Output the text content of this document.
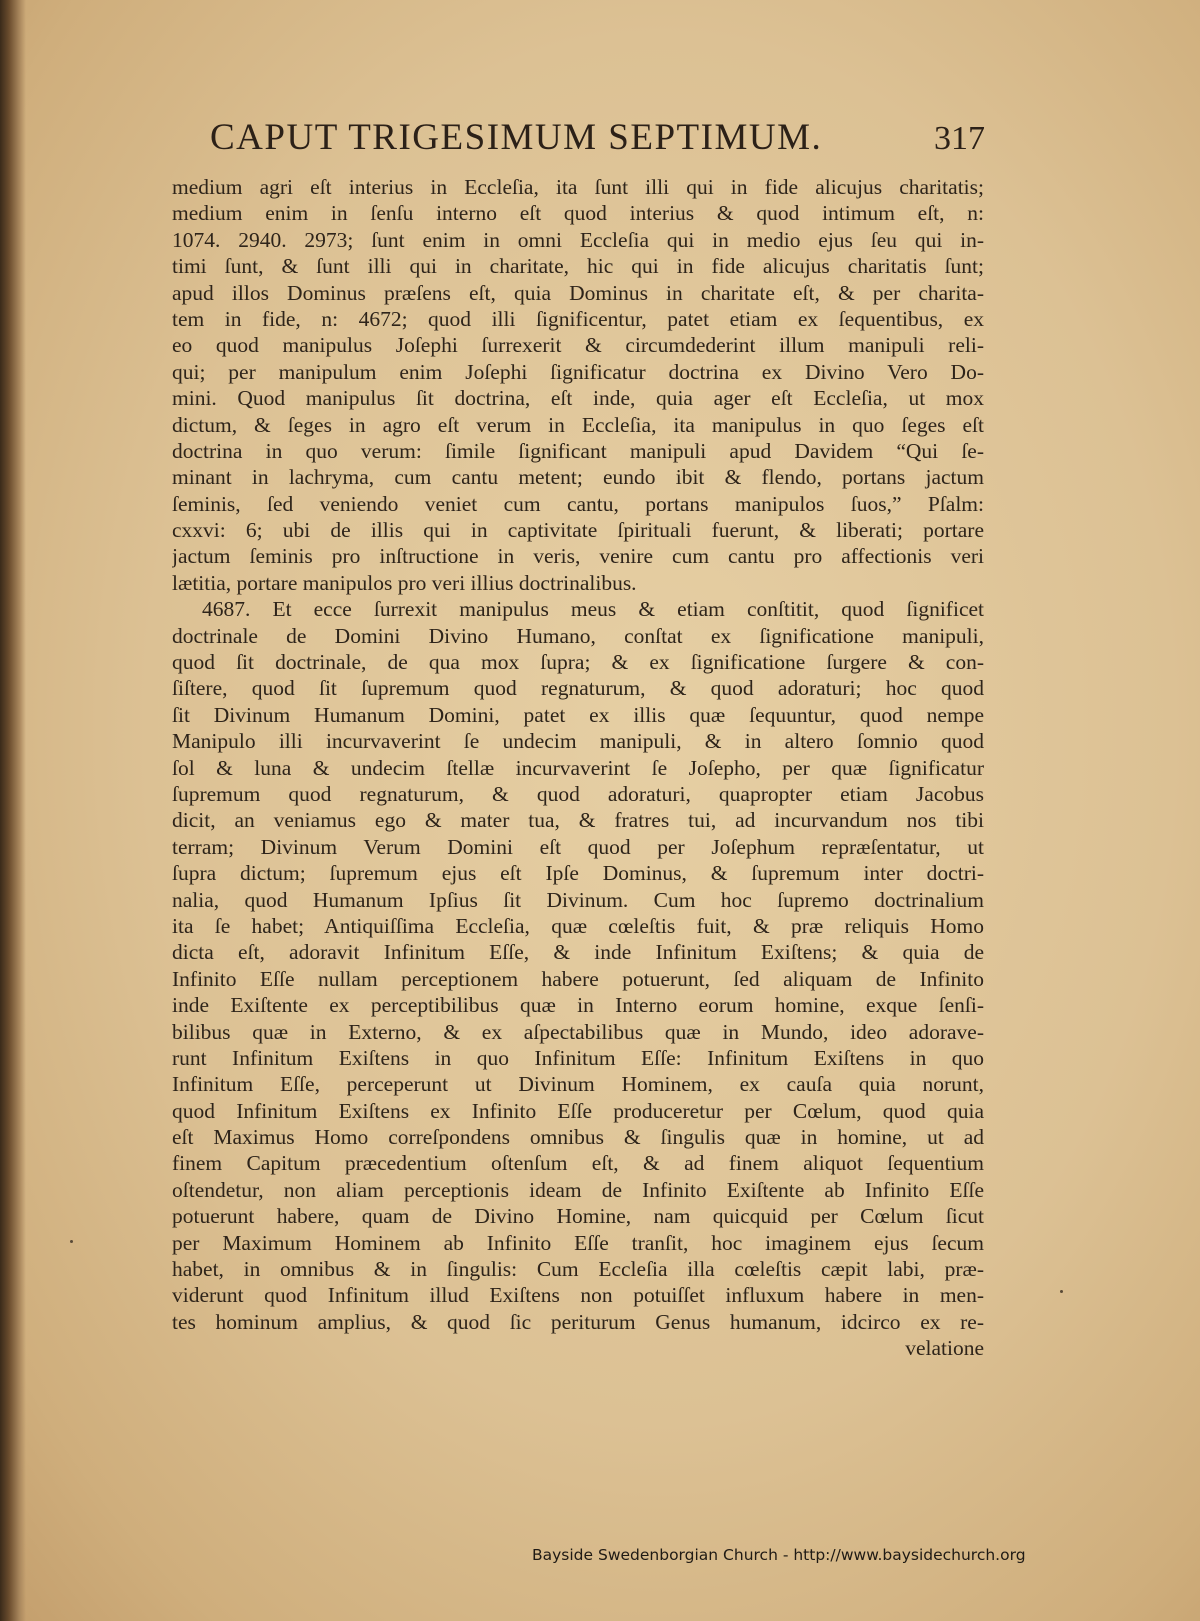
CAPUT TRIGESIMUM SEPTIMUM.	317
medium agri eſt interius in Eccleſia, ita ſunt illi qui in fide alicujus charitatis;
medium enim in ſenſu interno eſt quod interius & quod intimum eſt, n:
1074. 2940. 2973; ſunt enim in omni Eccleſia qui in medio ejus ſeu qui in-
timi ſunt, & ſunt illi qui in charitate, hic qui in fide alicujus charitatis ſunt;
apud illos Dominus præſens eſt, quia Dominus in charitate eſt, & per charita-
tem in fide, n: 4672; quod illi ſignificentur, patet etiam ex ſequentibus, ex
eo quod manipulus Joſephi ſurrexerit & circumdederint illum manipuli reli-
qui; per manipulum enim Joſephi ſignificatur doctrina ex Divino Vero Do-
mini. Quod manipulus ſit doctrina, eſt inde, quia ager eſt Eccleſia, ut mox
dictum, & ſeges in agro eſt verum in Eccleſia, ita manipulus in quo ſeges eſt
doctrina in quo verum: ſimile ſignificant manipuli apud Davidem “Qui ſe-
minant in lachryma, cum cantu metent; eundo ibit & flendo, portans jactum
ſeminis, ſed veniendo veniet cum cantu, portans manipulos ſuos,” Pſalm:
cxxvi: 6; ubi de illis qui in captivitate ſpirituali fuerunt, & liberati; portare
jactum ſeminis pro inſtructione in veris, venire cum cantu pro affectionis veri
lætitia, portare manipulos pro veri illius doctrinalibus.
4687. Et ecce ſurrexit manipulus meus & etiam conſtitit, quod ſignificet
doctrinale de Domini Divino Humano, conſtat ex ſignificatione manipuli,
quod ſit doctrinale, de qua mox ſupra; & ex ſignificatione ſurgere & con-
ſiſtere, quod ſit ſupremum quod regnaturum, & quod adoraturi; hoc quod
ſit Divinum Humanum Domini, patet ex illis quæ ſequuntur, quod nempe
Manipulo illi incurvaverint ſe undecim manipuli, & in altero ſomnio quod
ſol & luna & undecim ſtellæ incurvaverint ſe Joſepho, per quæ ſignificatur
ſupremum quod regnaturum, & quod adoraturi, quapropter etiam Jacobus
dicit, an veniamus ego & mater tua, & fratres tui, ad incurvandum nos tibi
terram; Divinum Verum Domini eſt quod per Joſephum repræſentatur, ut
ſupra dictum; ſupremum ejus eſt Ipſe Dominus, & ſupremum inter doctri-
nalia, quod Humanum Ipſius ſit Divinum. Cum hoc ſupremo doctrinalium
ita ſe habet; Antiquiſſima Eccleſia, quæ cœleſtis fuit, & præ reliquis Homo
dicta eſt, adoravit Infinitum Eſſe, & inde Infinitum Exiſtens; & quia de
Infinito Eſſe nullam perceptionem habere potuerunt, ſed aliquam de Infinito
inde Exiſtente ex perceptibilibus quæ in Interno eorum homine, exque ſenſi-
bilibus quæ in Externo, & ex aſpectabilibus quæ in Mundo, ideo adorave-
runt Infinitum Exiſtens in quo Infinitum Eſſe: Infinitum Exiſtens in quo
Infinitum Eſſe, perceperunt ut Divinum Hominem, ex cauſa quia norunt,
quod Infinitum Exiſtens ex Infinito Eſſe produceretur per Cœlum, quod quia
eſt Maximus Homo correſpondens omnibus & ſingulis quæ in homine, ut ad
finem Capitum præcedentium oſtenſum eſt, & ad finem aliquot ſequentium
oſtendetur, non aliam perceptionis ideam de Infinito Exiſtente ab Infinito Eſſe
potuerunt habere, quam de Divino Homine, nam quicquid per Cœlum ſicut
per Maximum Hominem ab Infinito Eſſe tranſit, hoc imaginem ejus ſecum
habet, in omnibus & in ſingulis: Cum Eccleſia illa cœleſtis cæpit labi, præ-
viderunt quod Infinitum illud Exiſtens non potuiſſet influxum habere in men-
tes hominum amplius, & quod ſic periturum Genus humanum, idcirco ex re-
velatione
Bayside Swedenborgian Church - http://www.baysidechurch.org
